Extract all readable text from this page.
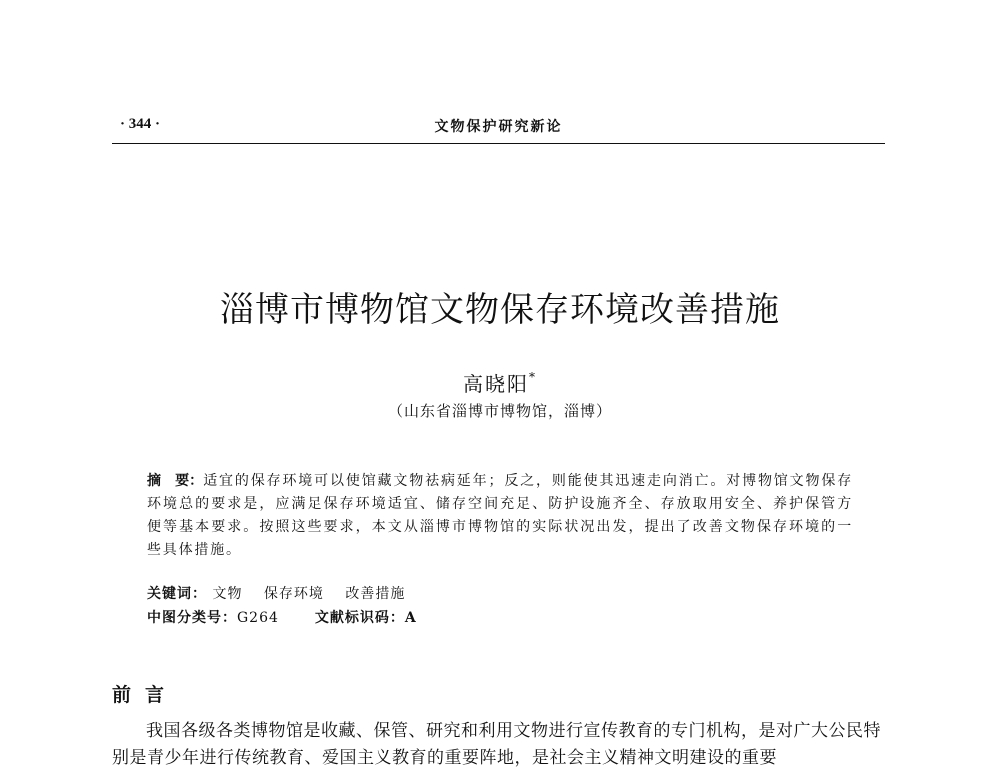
· 344 ·	文物保护研究新论
淄博市博物馆文物保存环境改善措施
高晓阳*
（山东省淄博市博物馆，淄博）

摘　要：适宜的保存环境可以使馆藏文物祛病延年；反之，则能使其迅速走向消亡。对博物馆文物保存环境总的要求是，应满足保存环境适宜、储存空间充足、防护设施齐全、存放取用安全、养护保管方便等基本要求。按照这些要求，本文从淄博市博物馆的实际状况出发，提出了改善文物保存环境的一些具体措施。

关键词： 文物 保存环境 改善措施
中图分类号：G264	文献标识码：A
前言
我国各级各类博物馆是收藏、保管、研究和利用文物进行宣传教育的专门机构，是对广大公民特别是青少年进行传统教育、爱国主义教育的重要阵地，是社会主义精神文明建设的重要
